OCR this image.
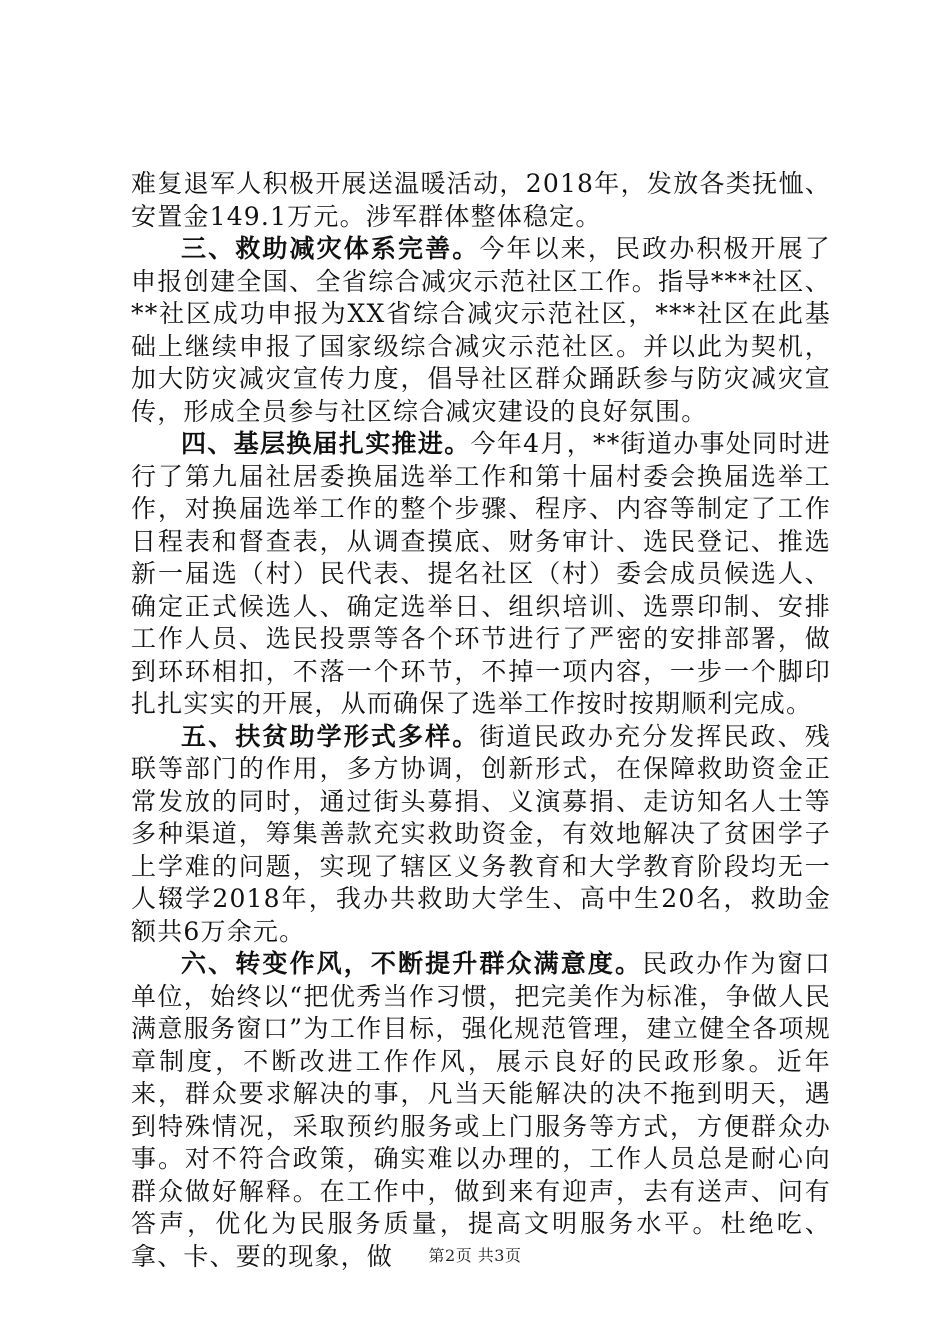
难复退军人积极开展送温暖活动，2018年，发放各类抚恤、安置金149.1万元。涉军群体整体稳定。

三、救助减灾体系完善。今年以来，民政办积极开展了申报创建全国、全省综合减灾示范社区工作。指导***社区、**社区成功申报为XX省综合减灾示范社区，***社区在此基础上继续申报了国家级综合减灾示范社区。并以此为契机，加大防灾减灾宣传力度，倡导社区群众踊跃参与防灾减灾宣传，形成全员参与社区综合减灾建设的良好氛围。

四、基层换届扎实推进。今年4月，**街道办事处同时进行了第九届社居委换届选举工作和第十届村委会换届选举工作，对换届选举工作的整个步骤、程序、内容等制定了工作日程表和督查表，从调查摸底、财务审计、选民登记、推选新一届选（村）民代表、提名社区（村）委会成员候选人、确定正式候选人、确定选举日、组织培训、选票印制、安排工作人员、选民投票等各个环节进行了严密的安排部署，做到环环相扣，不落一个环节，不掉一项内容，一步一个脚印扎扎实实的开展，从而确保了选举工作按时按期顺利完成。

五、扶贫助学形式多样。街道民政办充分发挥民政、残联等部门的作用，多方协调，创新形式，在保障救助资金正常发放的同时，通过街头募捐、义演募捐、走访知名人士等多种渠道，筹集善款充实救助资金，有效地解决了贫困学子上学难的问题，实现了辖区义务教育和大学教育阶段均无一人辍学2018年，我办共救助大学生、高中生20名，救助金额共6万余元。

六、转变作风，不断提升群众满意度。民政办作为窗口单位，始终以“把优秀当作习惯，把完美作为标准，争做人民满意服务窗口”为工作目标，强化规范管理，建立健全各项规章制度，不断改进工作作风，展示良好的民政形象。近年来，群众要求解决的事，凡当天能解决的决不拖到明天，遇到特殊情况，采取预约服务或上门服务等方式，方便群众办事。对不符合政策，确实难以办理的，工作人员总是耐心向群众做好解释。在工作中，做到来有迎声，去有送声、问有答声，优化为民服务质量，提高文明服务水平。杜绝吃、拿、卡、要的现象，做	第2页 共3页
